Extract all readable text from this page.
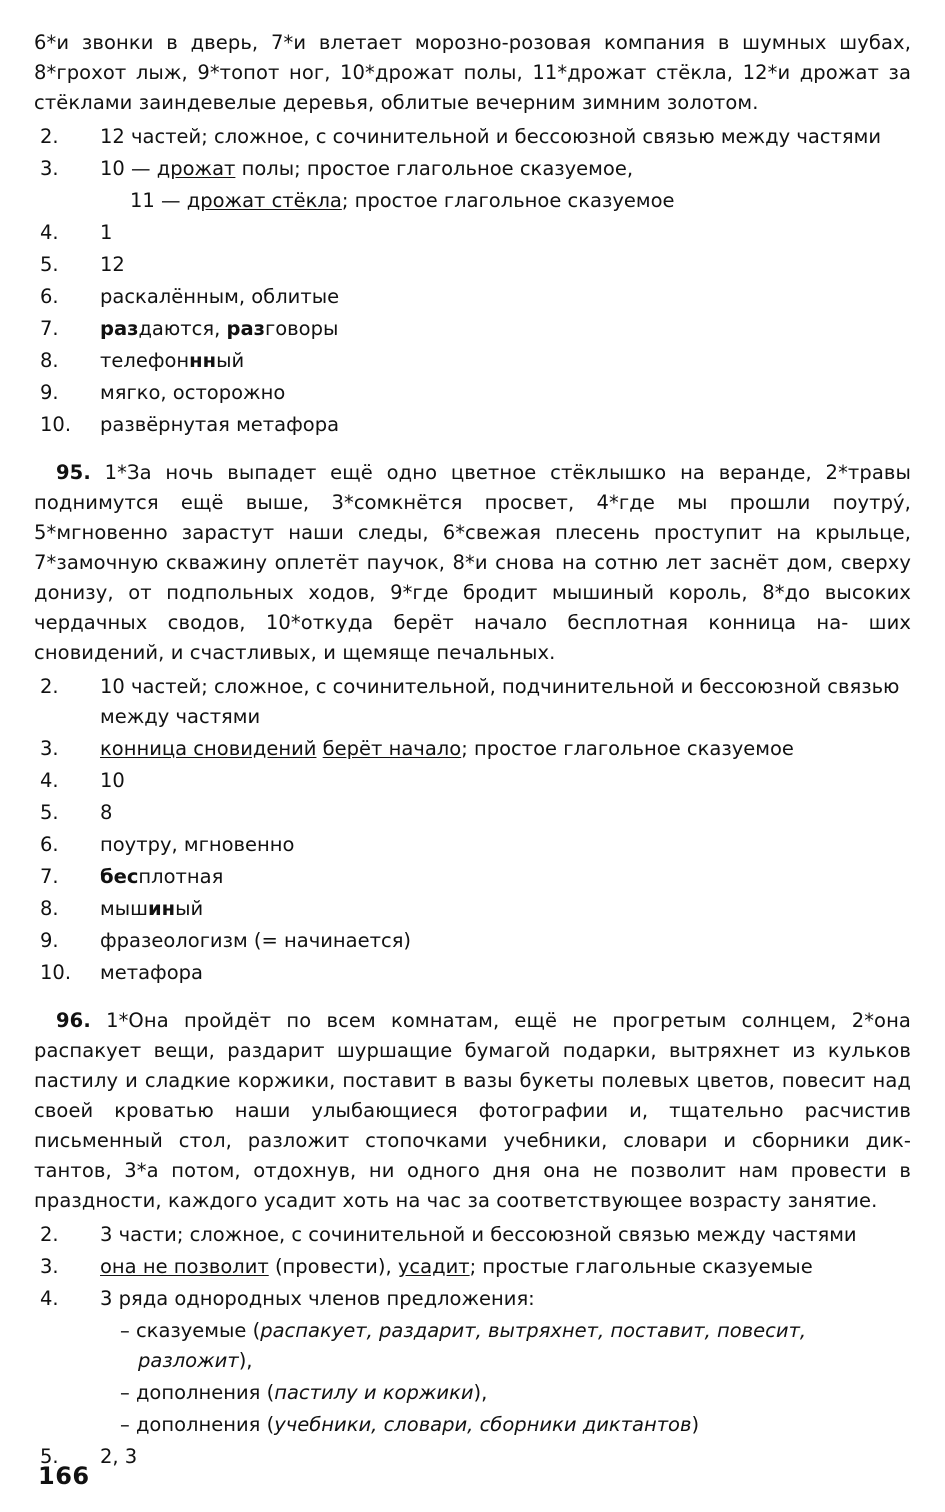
6*и звонки в дверь, 7*и влетает морозно-розовая компания в шумных шубах, 8*грохот лыж, 9*топот ног, 10*дрожат полы, 11*дрожат стёкла, 12*и дрожат за стёклами заиндевелые деревья, облитые вечерним зимним золотом.
2. 12 частей; сложное, с сочинительной и бессоюзной связью между частями
3. 10 — дрожат полы; простое глагольное сказуемое,
11 — дрожат стёкла; простое глагольное сказуемое
4. 1
5. 12
6. раскалённым, облитые
7. раздаются, разговоры
8. телефоннный
9. мягко, осторожно
10. развёрнутая метафора
95. 1*За ночь выпадет ещё одно цветное стёклышко на веранде, 2*травы поднимутся ещё выше, 3*сомкнётся просвет, 4*где мы прошли поутру́, 5*мгновенно зарастут наши следы, 6*свежая плесень проступит на крыльце, 7*замочную скважину оплетёт паучок, 8*и снова на сотню лет заснёт дом, сверху донизу, от подпольных ходов, 9*где бродит мышиный король, 8*до высоких чердачных сводов, 10*откуда берёт начало бесплотная конница на- ших сновидений, и счастливых, и щемяще печальных.
2. 10 частей; сложное, с сочинительной, подчинительной и бессоюзной связью между частями
3. конница сновидений берёт начало; простое глагольное сказуемое
4. 10
5. 8
6. поутру, мгновенно
7. бесплотная
8. мышиный
9. фразеологизм (= начинается)
10. метафора
96. 1*Она пройдёт по всем комнатам, ещё не прогретым солнцем, 2*она распакует вещи, раздарит шуршащие бумагой подарки, вытряхнет из кульков пастилу и сладкие коржики, поставит в вазы букеты полевых цветов, повесит над своей кроватью наши улыбающиеся фотографии и, тщательно расчистив письменный стол, разложит стопочками учебники, словари и сборники дик- тантов, 3*а потом, отдохнув, ни одного дня она не позволит нам провести в праздности, каждого усадит хоть на час за соответствующее возрасту занятие.
2. 3 части; сложное, с сочинительной и бессоюзной связью между частями
3. она не позволит (провести), усадит; простые глагольные сказуемые
4. 3 ряда однородных членов предложения:
– сказуемые (распакует, раздарит, вытряхнет, поставит, повесит, разложит),
– дополнения (пастилу и коржики),
– дополнения (учебники, словари, сборники диктантов)
5. 2, 3
166
